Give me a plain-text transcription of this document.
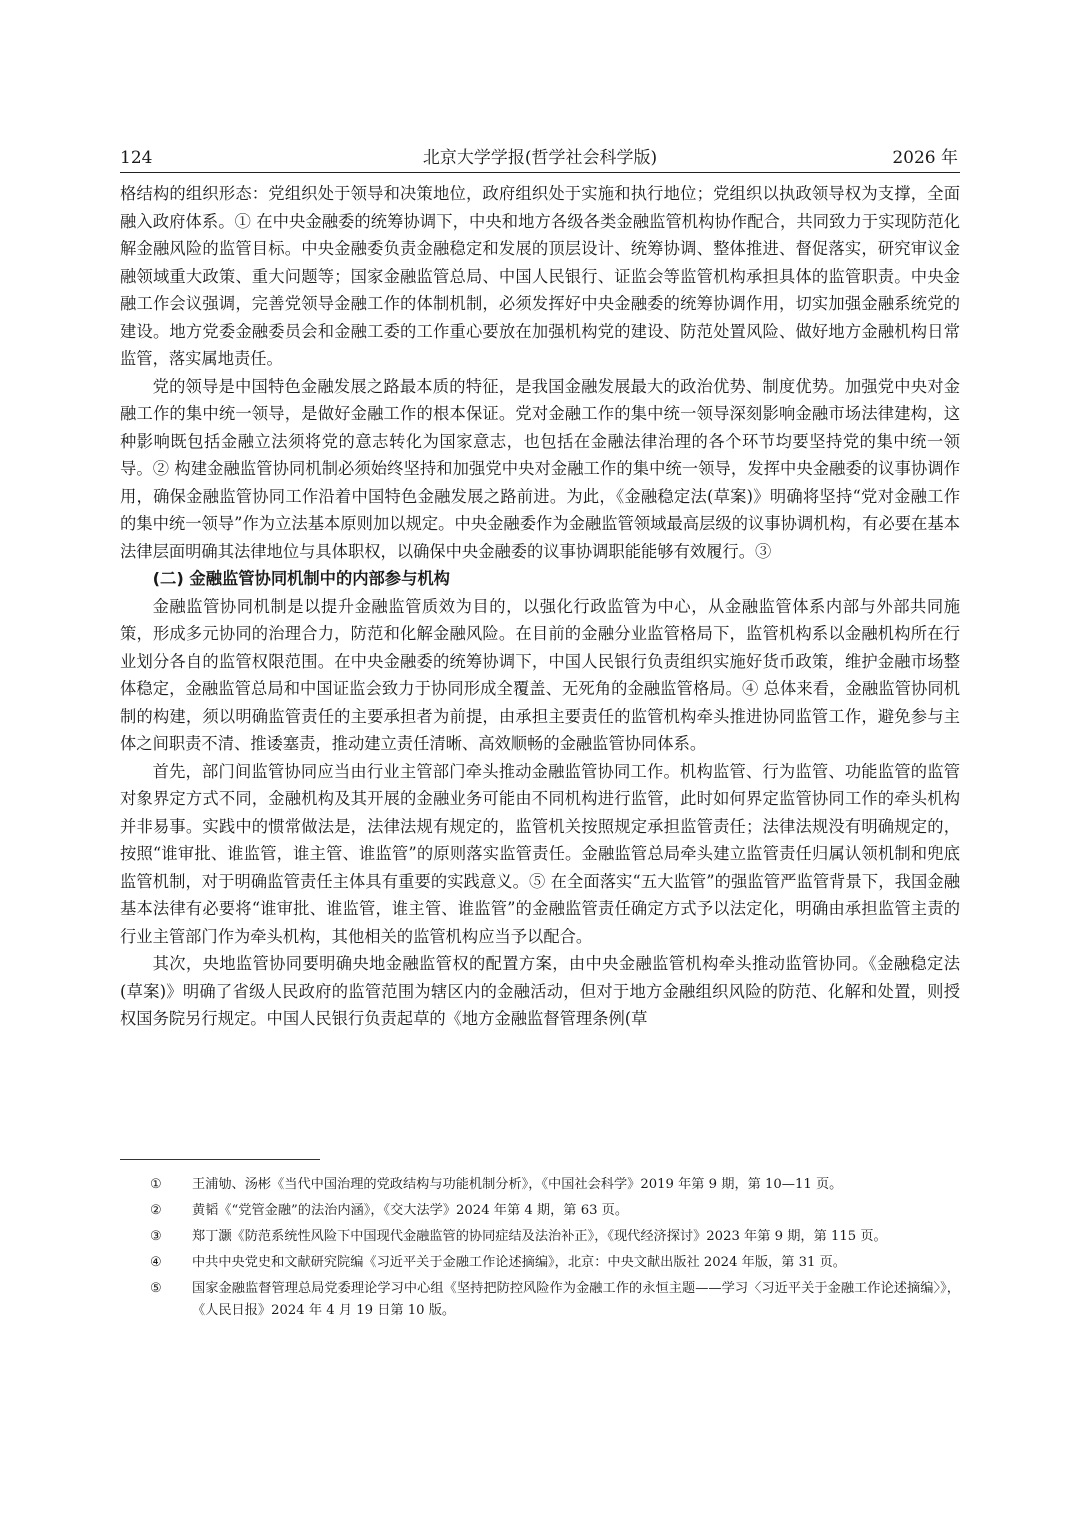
124	北京大学学报(哲学社会科学版)	2026 年

格结构的组织形态：党组织处于领导和决策地位，政府组织处于实施和执行地位；党组织以执政领导权为支撑，全面融入政府体系。① 在中央金融委的统筹协调下，中央和地方各级各类金融监管机构协作配合，共同致力于实现防范化解金融风险的监管目标。中央金融委负责金融稳定和发展的顶层设计、统筹协调、整体推进、督促落实，研究审议金融领域重大政策、重大问题等；国家金融监管总局、中国人民银行、证监会等监管机构承担具体的监管职责。中央金融工作会议强调，完善党领导金融工作的体制机制，必须发挥好中央金融委的统筹协调作用，切实加强金融系统党的建设。地方党委金融委员会和金融工委的工作重心要放在加强机构党的建设、防范处置风险、做好地方金融机构日常监管，落实属地责任。

党的领导是中国特色金融发展之路最本质的特征，是我国金融发展最大的政治优势、制度优势。加强党中央对金融工作的集中统一领导，是做好金融工作的根本保证。党对金融工作的集中统一领导深刻影响金融市场法律建构，这种影响既包括金融立法须将党的意志转化为国家意志，也包括在金融法律治理的各个环节均要坚持党的集中统一领导。② 构建金融监管协同机制必须始终坚持和加强党中央对金融工作的集中统一领导，发挥中央金融委的议事协调作用，确保金融监管协同工作沿着中国特色金融发展之路前进。为此，《金融稳定法(草案)》明确将坚持“党对金融工作的集中统一领导”作为立法基本原则加以规定。中央金融委作为金融监管领域最高层级的议事协调机构，有必要在基本法律层面明确其法律地位与具体职权，以确保中央金融委的议事协调职能能够有效履行。③

(二) 金融监管协同机制中的内部参与机构

金融监管协同机制是以提升金融监管质效为目的，以强化行政监管为中心，从金融监管体系内部与外部共同施策，形成多元协同的治理合力，防范和化解金融风险。在目前的金融分业监管格局下，监管机构系以金融机构所在行业划分各自的监管权限范围。在中央金融委的统筹协调下，中国人民银行负责组织实施好货币政策，维护金融市场整体稳定，金融监管总局和中国证监会致力于协同形成全覆盖、无死角的金融监管格局。④ 总体来看，金融监管协同机制的构建，须以明确监管责任的主要承担者为前提，由承担主要责任的监管机构牵头推进协同监管工作，避免参与主体之间职责不清、推诿塞责，推动建立责任清晰、高效顺畅的金融监管协同体系。

首先，部门间监管协同应当由行业主管部门牵头推动金融监管协同工作。机构监管、行为监管、功能监管的监管对象界定方式不同，金融机构及其开展的金融业务可能由不同机构进行监管，此时如何界定监管协同工作的牵头机构并非易事。实践中的惯常做法是，法律法规有规定的，监管机关按照规定承担监管责任；法律法规没有明确规定的，按照“谁审批、谁监管，谁主管、谁监管”的原则落实监管责任。金融监管总局牵头建立监管责任归属认领机制和兜底监管机制，对于明确监管责任主体具有重要的实践意义。⑤ 在全面落实“五大监管”的强监管严监管背景下，我国金融基本法律有必要将“谁审批、谁监管，谁主管、谁监管”的金融监管责任确定方式予以法定化，明确由承担监管主责的行业主管部门作为牵头机构，其他相关的监管机构应当予以配合。

其次，央地监管协同要明确央地金融监管权的配置方案，由中央金融监管机构牵头推动监管协同。《金融稳定法(草案)》明确了省级人民政府的监管范围为辖区内的金融活动，但对于地方金融组织风险的防范、化解和处置，则授权国务院另行规定。中国人民银行负责起草的《地方金融监督管理条例(草

① 王浦劬、汤彬《当代中国治理的党政结构与功能机制分析》，《中国社会科学》2019 年第 9 期，第 10—11 页。
② 黄韬《“党管金融”的法治内涵》，《交大法学》2024 年第 4 期，第 63 页。
③ 郑丁灏《防范系统性风险下中国现代金融监管的协同症结及法治补正》，《现代经济探讨》2023 年第 9 期，第 115 页。
④ 中共中央党史和文献研究院编《习近平关于金融工作论述摘编》，北京：中央文献出版社 2024 年版，第 31 页。
⑤ 国家金融监督管理总局党委理论学习中心组《坚持把防控风险作为金融工作的永恒主题——学习〈习近平关于金融工作论述摘编〉》，《人民日报》2024 年 4 月 19 日第 10 版。
